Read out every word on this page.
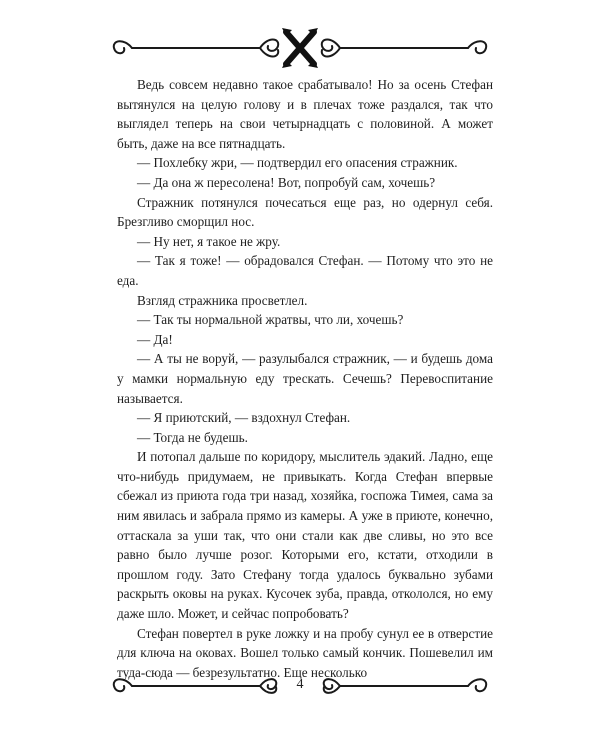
Ведь совсем недавно такое срабатывало! Но за осень Стефан вытянулся на целую голову и в плечах тоже раздался, так что выглядел теперь на свои четырнадцать с половиной. А может быть, даже на все пятнадцать.

— Похлебку жри, — подтвердил его опасения стражник.

— Да она ж пересолена! Вот, попробуй сам, хочешь?

Стражник потянулся почесаться еще раз, но одернул себя. Брезгливо сморщил нос.

— Ну нет, я такое не жру.

— Так я тоже! — обрадовался Стефан. — Потому что это не еда.

Взгляд стражника просветлел.

— Так ты нормальной жратвы, что ли, хочешь?

— Да!

— А ты не воруй, — разулыбался стражник, — и будешь дома у мамки нормальную еду трескать. Сечешь? Перевоспитание называется.

— Я приютский, — вздохнул Стефан.

— Тогда не будешь.

И потопал дальше по коридору, мыслитель эдакий. Ладно, еще что-нибудь придумаем, не привыкать. Когда Стефан впервые сбежал из приюта года три назад, хозяйка, госпожа Тимея, сама за ним явилась и забрала прямо из камеры. А уже в приюте, конечно, оттаскала за уши так, что они стали как две сливы, но это все равно было лучше розог. Которыми его, кстати, отходили в прошлом году. Зато Стефану тогда удалось буквально зубами раскрыть оковы на руках. Кусочек зуба, правда, откололся, но ему даже шло. Может, и сейчас попробовать?

Стефан повертел в руке ложку и на пробу сунул ее в отверстие для ключа на оковах. Вошел только самый кончик. Пошевелил им туда-сюда — безрезультатно. Еще несколько

4
